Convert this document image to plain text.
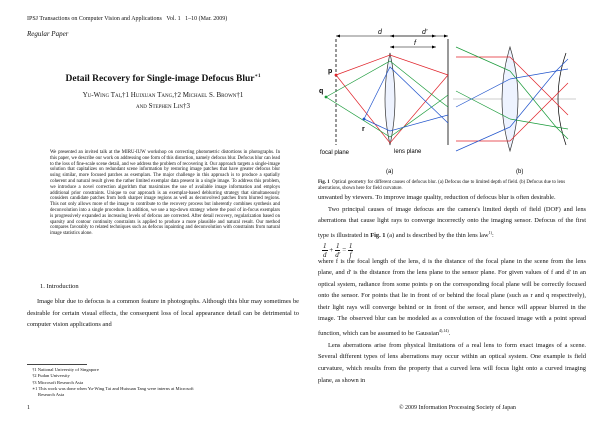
IPSJ Transactions on Computer Vision and Applications Vol. 1 1–10 (Mar. 2009)
Regular Paper
Detail Recovery for Single-image Defocus Blur$^{∗1}$
Yu-Wing Tai,†1 Huixuan Tang,†2 Michael S. Brown†1
and Stephen Lin†3
We presented an invited talk at the MIRU-IUW workshop on correcting photometric distortions in photographs. In this paper, we describe our work on addressing one form of this distortion, namely defocus blur. Defocus blur can lead to the loss of fine-scale scene detail, and we address the problem of recovering it. Our approach targets a single-image solution that capitalizes on redundant scene information by restoring image patches that have greater defocus blur using similar, more focused patches as exemplars. The major challenge in this approach is to produce a spatially coherent and natural result given the rather limited exemplar data present in a single image. To address this problem, we introduce a novel correction algorithm that maximizes the use of available image information and employs additional prior constraints. Unique to our approach is an exemplar-based deblurring strategy that simultaneously considers candidate patches from both sharper image regions as well as deconvolved patches from blurred regions. This not only allows more of the image to contribute to the recovery process but inherently combines synthesis and deconvolution into a single procedure. In addition, we use a top-down strategy where the pool of in-focus exemplars is progressively expanded as increasing levels of defocus are corrected. After detail recovery, regularization based on sparsity and contour continuity constraints is applied to produce a more plausible and natural result. Our method compares favorably to related techniques such as defocus inpainting and deconvolution with constraints from natural image statistics alone.
1. Introduction

Image blur due to defocus is a common feature in photographs. Although this blur may sometimes be desirable for certain visual effects, the consequent loss of local appearance detail can be detrimental to computer vision applications and

†1 National University of Singapore
†2 Fudan University
†3 Microsoft Research Asia
∗1 This work was done when Yu-Wing Tai and Huixuan Tang were interns at Microsoft
Research Asia
1	© 2009 Information Processing Society of Japan
d
f
d'
p
q
r
focal plane	lens plane
(a)	(b)
Fig. 1 Optical geometry for different causes of defocus blur. (a) Defocus due to limited depth of field. (b) Defocus due to lens aberrations, shown here for field curvature.

unwanted by viewers. To improve image quality, reduction of defocus blur is often desirable.

Two principal causes of image defocus are the camera's limited depth of field (DOF) and lens aberrations that cause light rays to converge incorrectly onto the imaging sensor. Defocus of the first type is illustrated in Fig. 1 (a) and is described by the thin lens law$^{1)}$:

where f is the focal length of the lens, d is the distance of the focal plane in the scene from the lens plane, and d' is the distance from the lens plane to the sensor plane. For given values of f and d' in an optical system, radiance from some points p on the corresponding focal plane will be correctly focused onto the sensor. For points that lie in front of or behind the focal plane (such as r and q respectively), their light rays will converge behind or in front of the sensor, and hence will appear blurred in the image. The observed blur can be modeled as a convolution of the focused image with a point spread function, which can be assumed to be Gaussian$^{4),14)}$.

Lens aberrations arise from physical limitations of a real lens to form exact images of a scene. Several different types of lens aberrations may occur within an optical system. One example is field curvature, which results from the property that a curved lens will focus light onto a curved imaging plane, as shown in

$\frac{1}{d} + \frac{1}{d'} = \frac{1}{f}$
